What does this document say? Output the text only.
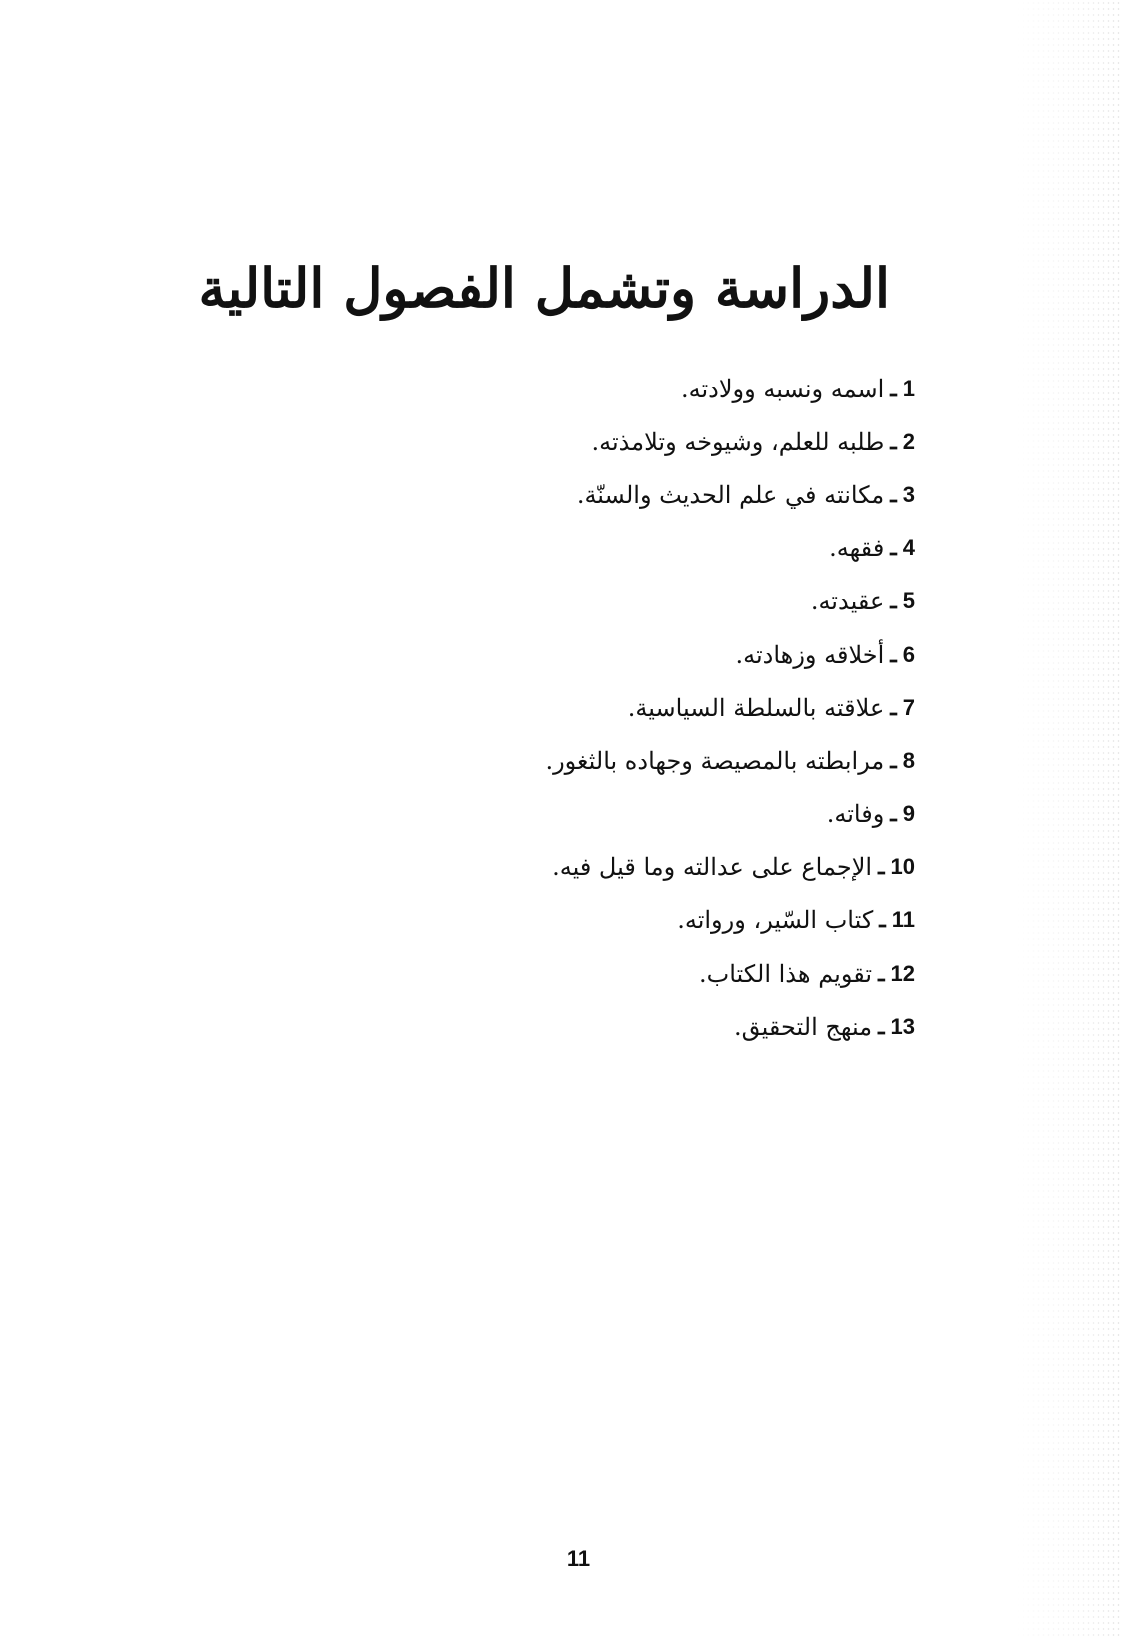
الدراسة وتشمل الفصول التالية
1
ـ
اسمه ونسبه وولادته.
2
ـ
طلبه للعلم، وشيوخه وتلامذته.
3
ـ
مكانته في علم الحديث والسنّة.
4
ـ
فقهه.
5
ـ
عقيدته.
6
ـ
أخلاقه وزهادته.
7
ـ
علاقته بالسلطة السياسية.
8
ـ
مرابطته بالمصيصة وجهاده بالثغور.
9
ـ
وفاته.
10
ـ
الإجماع على عدالته وما قيل فيه.
11
ـ
كتاب السّير، ورواته.
12
ـ
تقويم هذا الكتاب.
13
ـ
منهج التحقيق.
11
